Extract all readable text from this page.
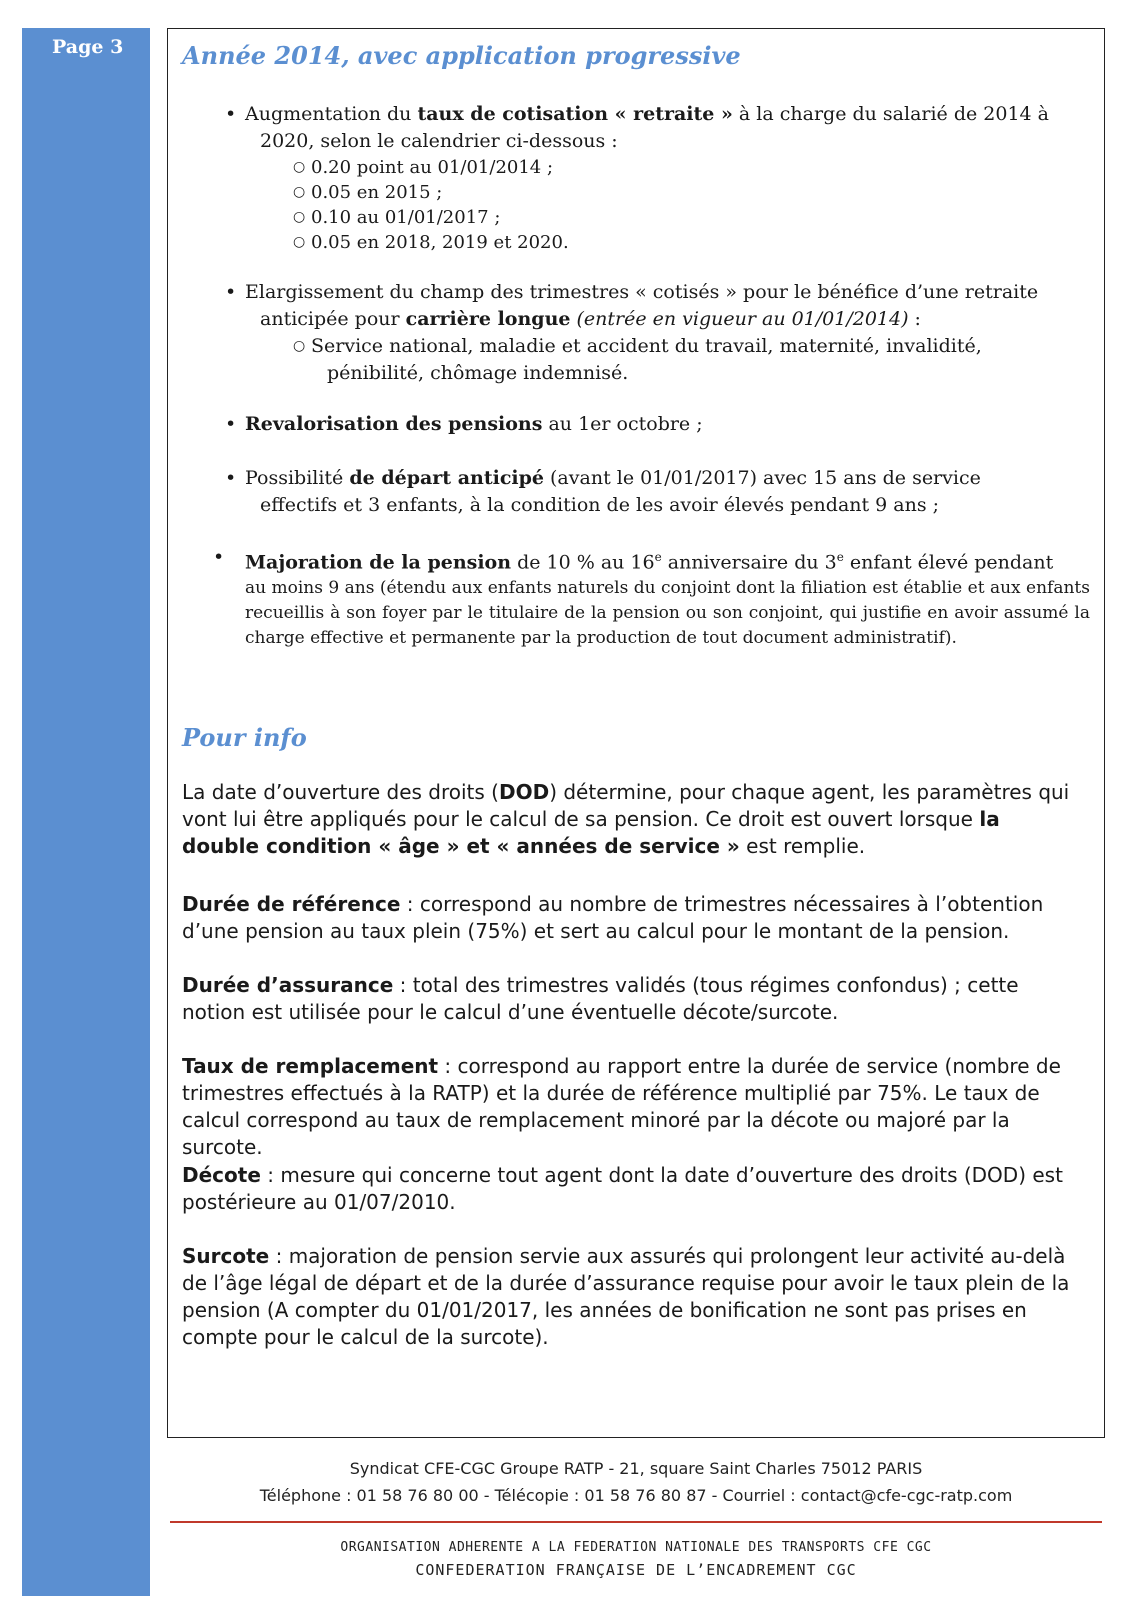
Page 3 Année 2014, avec application progressive
• Augmentation du taux de cotisation « retraite » à la charge du salarié de 2014 à
2020, selon le calendrier ci-dessous :
○ 0.20 point au 01/01/2014 ;
○ 0.05 en 2015 ;
○ 0.10 au 01/01/2017 ;
○ 0.05 en 2018, 2019 et 2020.
• Elargissement du champ des trimestres « cotisés » pour le bénéfice d’une retraite
anticipée pour carrière longue (entrée en vigueur au 01/01/2014) :
○ Service national, maladie et accident du travail, maternité, invalidité,
pénibilité, chômage indemnisé.
• Revalorisation des pensions au 1er octobre ;
• Possibilité de départ anticipé (avant le 01/01/2017) avec 15 ans de service
effectifs et 3 enfants, à la condition de les avoir élevés pendant 9 ans ;
• Majoration de la pension de 10 % au 16e anniversaire du 3e enfant élevé pendant
au moins 9 ans (étendu aux enfants naturels du conjoint dont la filiation est établie et aux enfants recueillis à son foyer par le titulaire de la pension ou son conjoint, qui justifie en avoir assumé la charge effective et permanente par la production de tout document administratif).
Pour info

La date d’ouverture des droits (DOD) détermine, pour chaque agent, les paramètres qui vont lui être appliqués pour le calcul de sa pension. Ce droit est ouvert lorsque la double condition « âge » et « années de service » est remplie.

Durée de référence : correspond au nombre de trimestres nécessaires à l’obtention d’une pension au taux plein (75%) et sert au calcul pour le montant de la pension.

Durée d’assurance : total des trimestres validés (tous régimes confondus) ; cette notion est utilisée pour le calcul d’une éventuelle décote/surcote.

Taux de remplacement : correspond au rapport entre la durée de service (nombre de trimestres effectués à la RATP) et la durée de référence multiplié par 75%. Le taux de calcul correspond au taux de remplacement minoré par la décote ou majoré par la surcote.

Décote : mesure qui concerne tout agent dont la date d’ouverture des droits (DOD) est postérieure au 01/07/2010.

Surcote : majoration de pension servie aux assurés qui prolongent leur activité au-delà de l’âge légal de départ et de la durée d’assurance requise pour avoir le taux plein de la pension (A compter du 01/01/2017, les années de bonification ne sont pas prises en compte pour le calcul de la surcote).

Syndicat CFE-CGC Groupe RATP - 21, square Saint Charles 75012 PARIS
Téléphone : 01 58 76 80 00 - Télécopie : 01 58 76 80 87 - Courriel : contact@cfe-cgc-ratp.com
ORGANISATION ADHERENTE A LA FEDERATION NATIONALE DES TRANSPORTS CFE CGC
CONFEDERATION FRANÇAISE DE L’ENCADREMENT CGC
